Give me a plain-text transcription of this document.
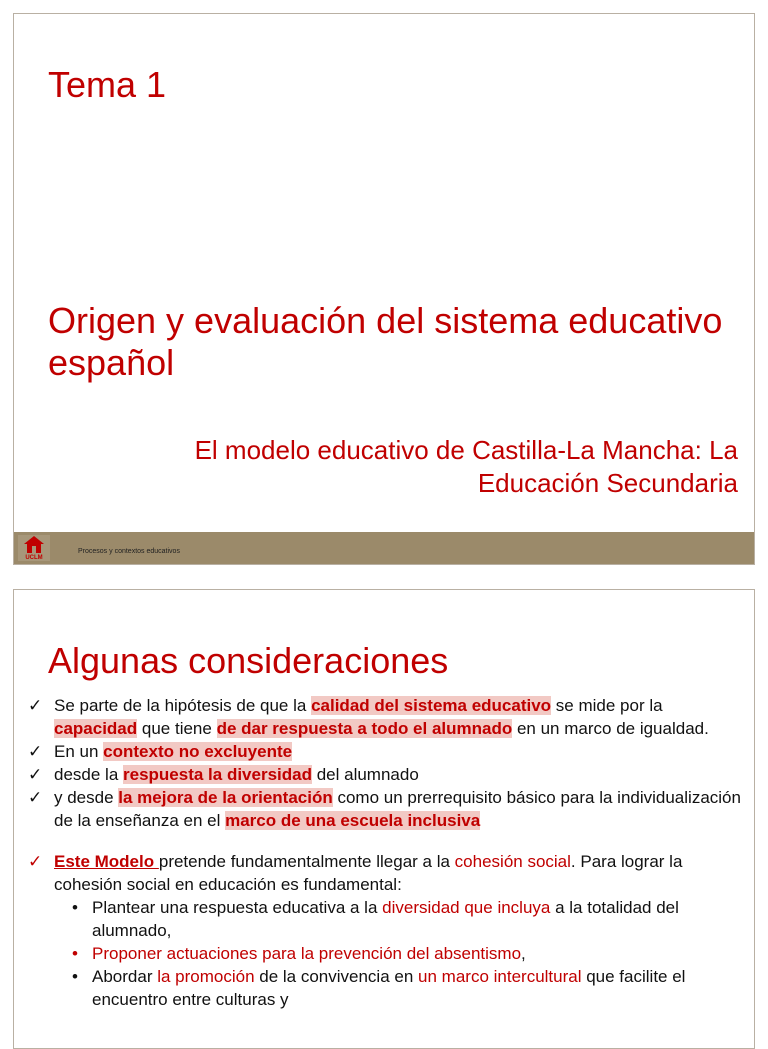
Tema 1
Origen y evaluación del sistema educativo español
El modelo educativo de Castilla-La Mancha: La Educación Secundaria
UCLM
Procesos y contextos educativos
Algunas consideraciones
✓ Se parte de la hipótesis de que la calidad del sistema educativo se mide por la capacidad que tiene de dar respuesta a todo el alumnado en un marco de igualdad.
✓ En un contexto no excluyente
✓ desde la respuesta la diversidad del alumnado
✓ y desde la mejora de la orientación como un prerrequisito básico para la individualización de la enseñanza en el marco de una escuela inclusiva
✓ Este Modelo pretende fundamentalmente llegar a la cohesión social. Para lograr la cohesión social en educación es fundamental:
• Plantear una respuesta educativa a la diversidad que incluya a la totalidad del alumnado,
• Proponer actuaciones para la prevención del absentismo,
• Abordar la promoción de la convivencia en un marco intercultural que facilite el encuentro entre culturas y
